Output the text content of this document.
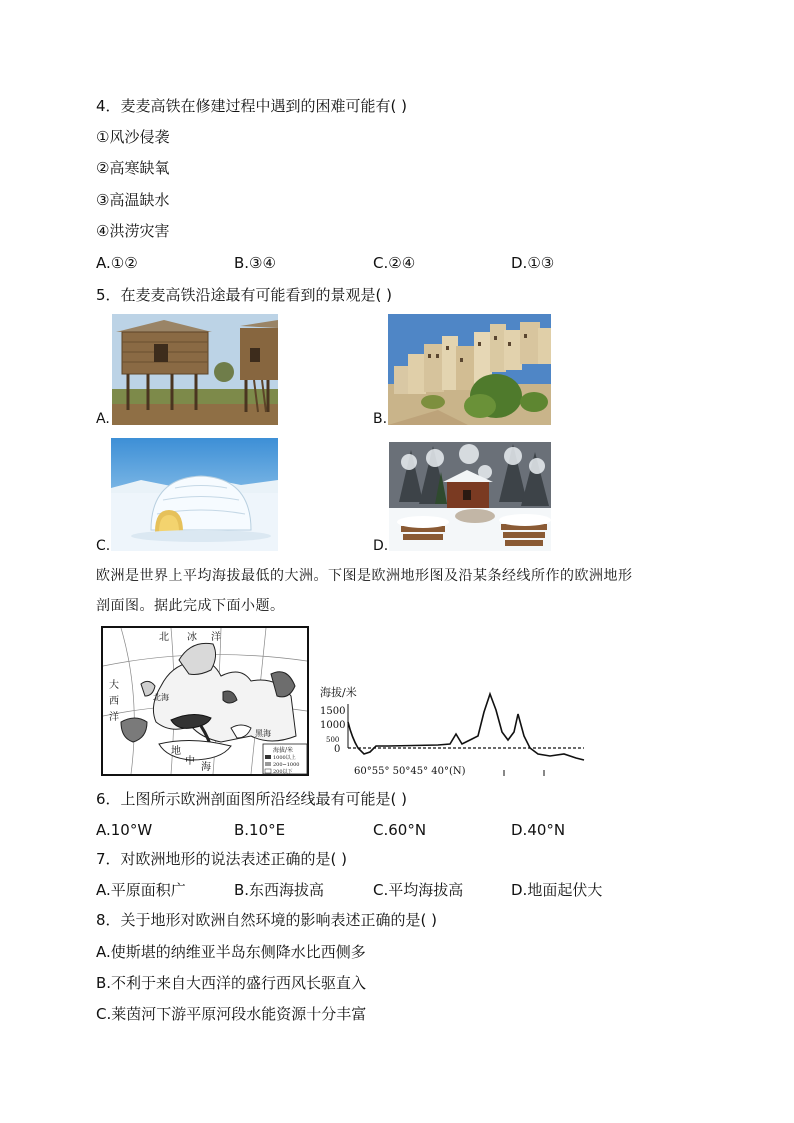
4．麦麦高铁在修建过程中遇到的困难可能有( )
①风沙侵袭
②高寒缺氧
③高温缺水
④洪涝灾害
A.①②	B.③④	C.②④	D.①③
5．在麦麦高铁沿途最有可能看到的景观是( )
A.	B.
C.	D.
欧洲是世界上平均海拔最低的大洲。下图是欧洲地形图及沿某条经线所作的欧洲地形
剖面图。据此完成下面小题。
北 冰 洋
大
西
洋
北海
黑海
地
中
海
海拔/米
1000以上
200~1000
200以下
海拔/米
1500
1000
500
0
60°55° 50°45° 40°(N)
6．上图所示欧洲剖面图所沿经线最有可能是( )
A.10°W	B.10°E	C.60°N	D.40°N
7．对欧洲地形的说法表述正确的是( )
A.平原面积广	B.东西海拔高	C.平均海拔高	D.地面起伏大
8．关于地形对欧洲自然环境的影响表述正确的是( )
A.使斯堪的纳维亚半岛东侧降水比西侧多
B.不利于来自大西洋的盛行西风长驱直入
C.莱茵河下游平原河段水能资源十分丰富
